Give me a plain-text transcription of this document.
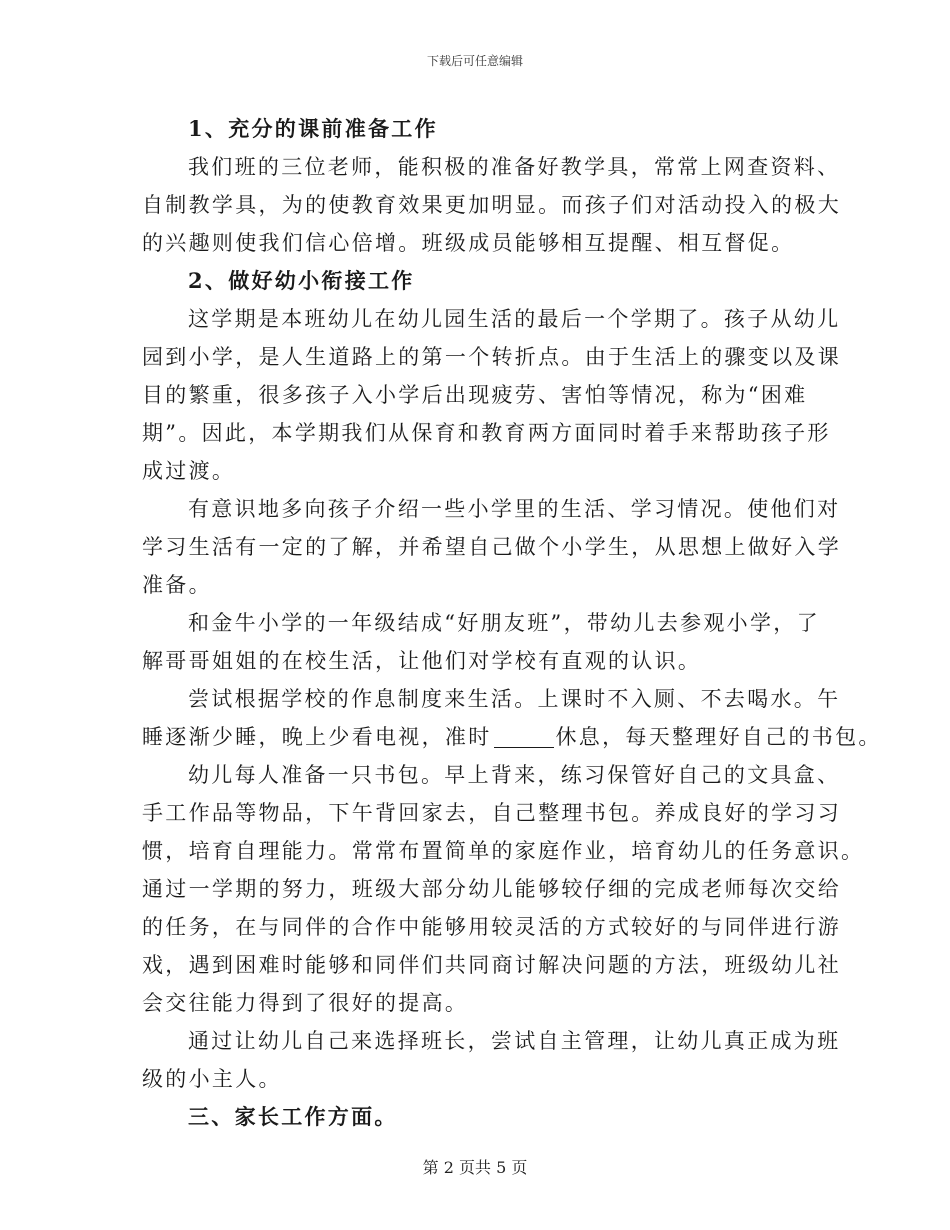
下载后可任意编辑
1、充分的课前准备工作
我们班的三位老师，能积极的准备好教学具，常常上网查资料、
自制教学具，为的使教育效果更加明显。而孩子们对活动投入的极大
的兴趣则使我们信心倍增。班级成员能够相互提醒、相互督促。
2、做好幼小衔接工作
这学期是本班幼儿在幼儿园生活的最后一个学期了。孩子从幼儿
园到小学，是人生道路上的第一个转折点。由于生活上的骤变以及课
目的繁重，很多孩子入小学后出现疲劳、害怕等情况，称为“困难
期”。因此，本学期我们从保育和教育两方面同时着手来帮助孩子形
成过渡。
有意识地多向孩子介绍一些小学里的生活、学习情况。使他们对
学习生活有一定的了解，并希望自己做个小学生，从思想上做好入学
准备。
和金牛小学的一年级结成“好朋友班”，带幼儿去参观小学，了
解哥哥姐姐的在校生活，让他们对学校有直观的认识。
尝试根据学校的作息制度来生活。上课时不入厕、不去喝水。午
睡逐渐少睡，晚上少看电视，准时	休息，每天整理好自己的书包。
幼儿每人准备一只书包。早上背来，练习保管好自己的文具盒、
手工作品等物品，下午背回家去，自己整理书包。养成良好的学习习
惯，培育自理能力。常常布置简单的家庭作业，培育幼儿的任务意识。
通过一学期的努力，班级大部分幼儿能够较仔细的完成老师每次交给
的任务，在与同伴的合作中能够用较灵活的方式较好的与同伴进行游
戏，遇到困难时能够和同伴们共同商讨解决问题的方法，班级幼儿社
会交往能力得到了很好的提高。
通过让幼儿自己来选择班长，尝试自主管理，让幼儿真正成为班
级的小主人。
三、家长工作方面。
第 2 页共 5 页
